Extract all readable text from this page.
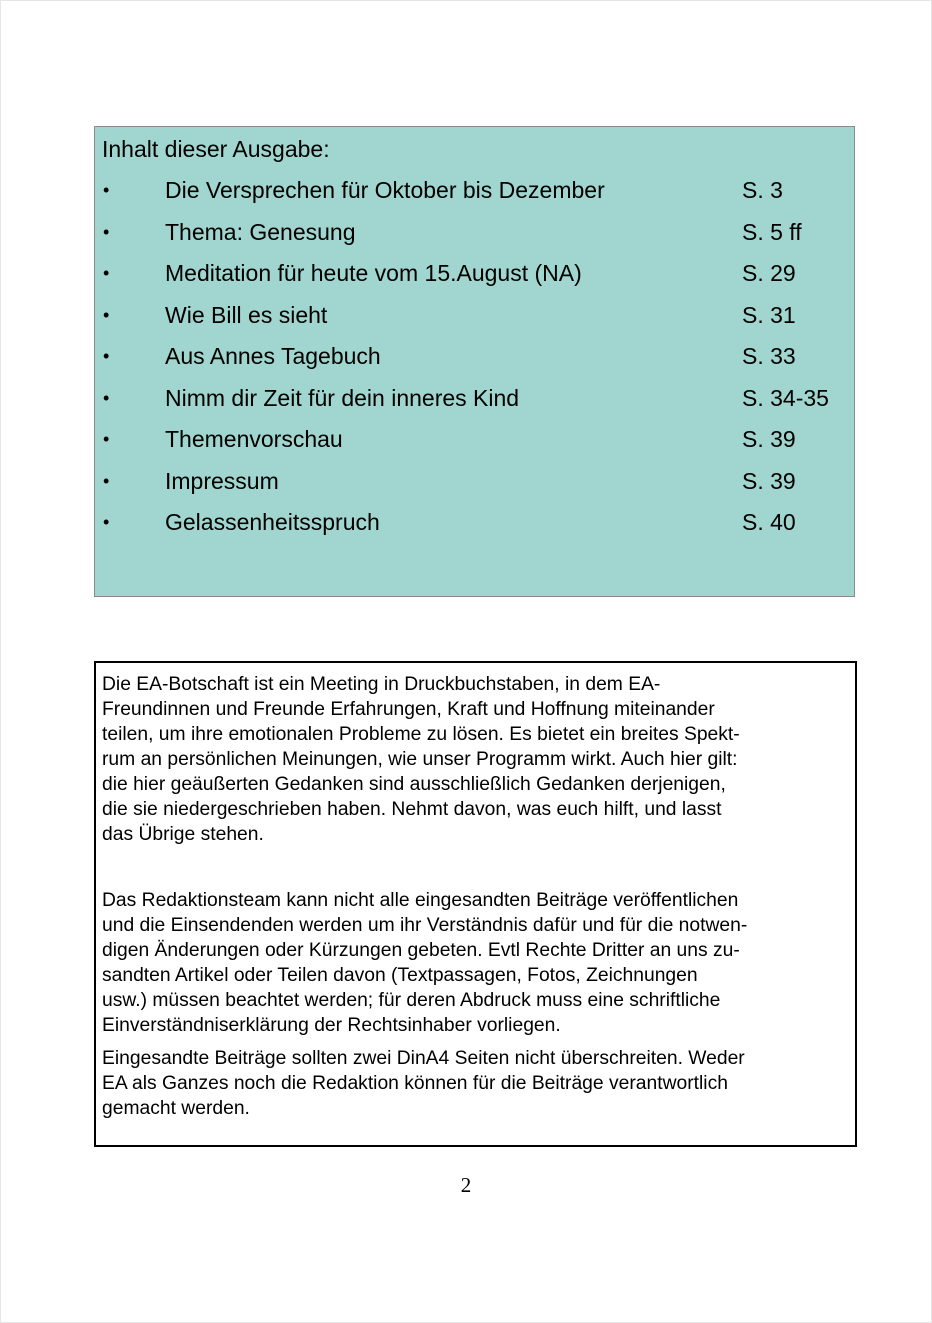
Inhalt dieser Ausgabe:
• Die Versprechen für Oktober bis Dezember	S. 3
• Thema: Genesung	S. 5 ff
• Meditation für heute vom 15.August (NA)	S. 29
• Wie Bill es sieht	S. 31
• Aus Annes Tagebuch	S. 33
• Nimm dir Zeit für dein inneres Kind	S. 34-35
• Themenvorschau	S. 39
• Impressum	S. 39
• Gelassenheitsspruch	S. 40
Die EA-Botschaft ist ein Meeting in Druckbuchstaben, in dem EA-
Freundinnen und Freunde Erfahrungen, Kraft und Hoffnung miteinander
teilen, um ihre emotionalen Probleme zu lösen. Es bietet ein breites Spekt-
rum an persönlichen Meinungen, wie unser Programm wirkt. Auch hier gilt:
die hier geäußerten Gedanken sind ausschließlich Gedanken derjenigen,
die sie niedergeschrieben haben. Nehmt davon, was euch hilft, und lasst
das Übrige stehen.
Das Redaktionsteam kann nicht alle eingesandten Beiträge veröffentlichen
und die Einsendenden werden um ihr Verständnis dafür und für die notwen-
digen Änderungen oder Kürzungen gebeten. Evtl Rechte Dritter an uns zu-
sandten Artikel oder Teilen davon (Textpassagen, Fotos, Zeichnungen
usw.) müssen beachtet werden; für deren Abdruck muss eine schriftliche
Einverständniserklärung der Rechtsinhaber vorliegen.
Eingesandte Beiträge sollten zwei DinA4 Seiten nicht überschreiten. Weder
EA als Ganzes noch die Redaktion können für die Beiträge verantwortlich
gemacht werden.
2
